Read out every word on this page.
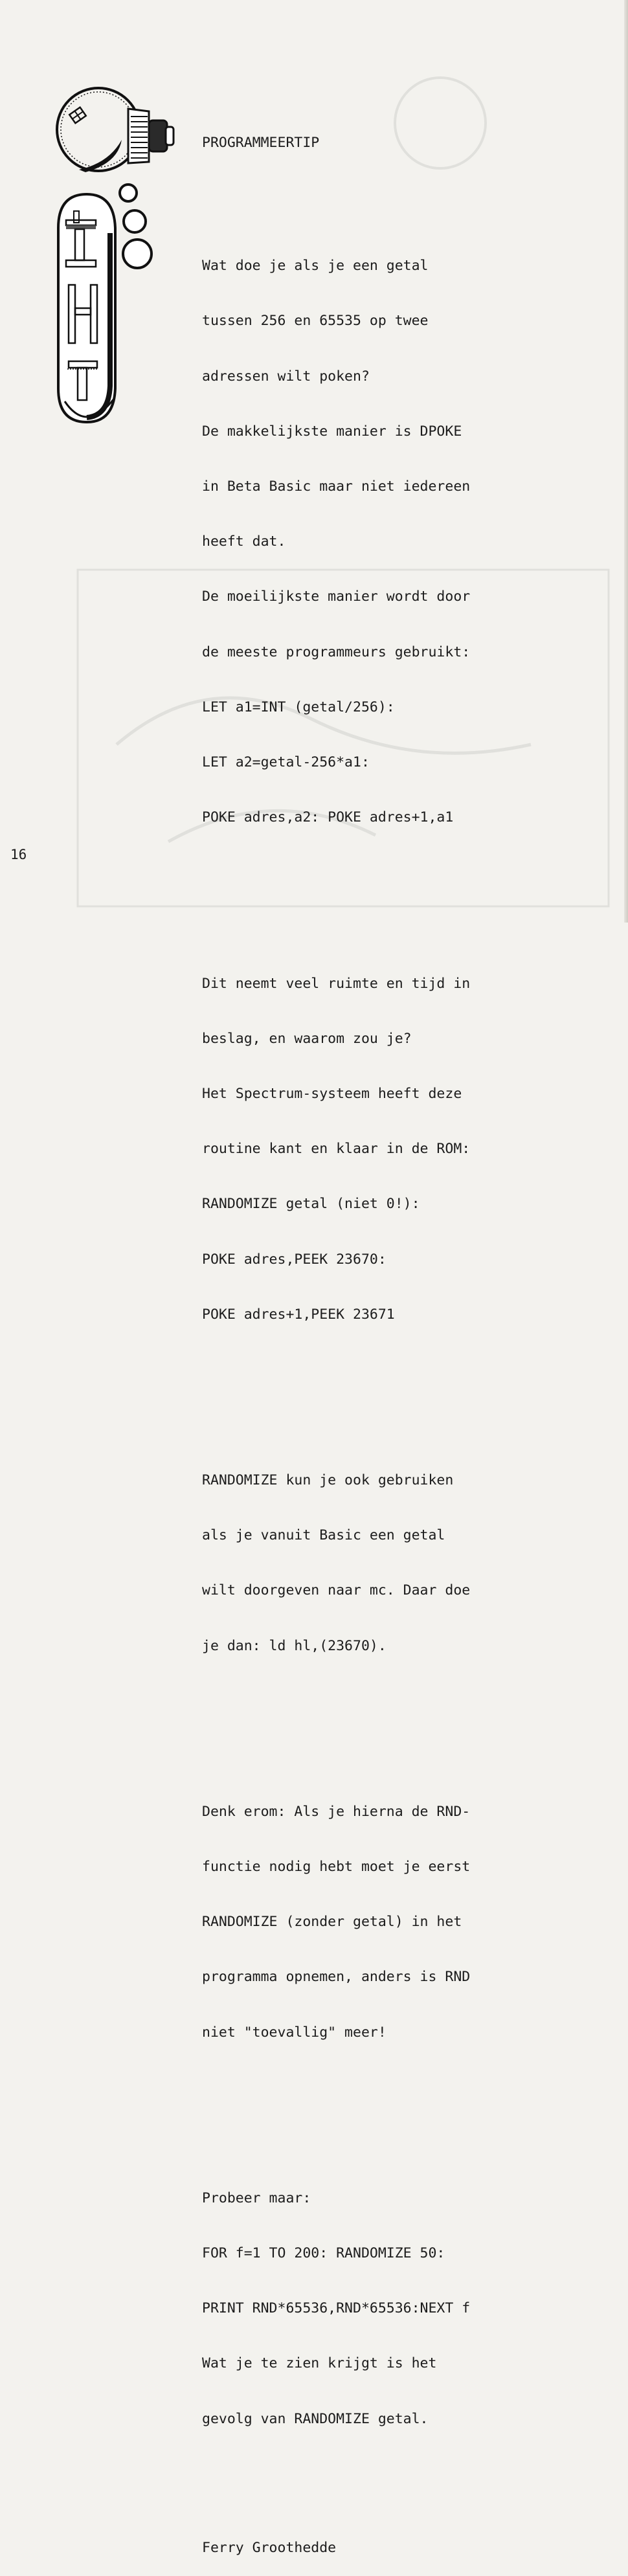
PROGRAMMEERTIP

Wat doe je als je een getal

tussen 256 en 65535 op twee

adressen wilt poken?

De makkelijkste manier is DPOKE

in Beta Basic maar niet iedereen

heeft dat.

De moeilijkste manier wordt door

de meeste programmeurs gebruikt:

LET a1=INT (getal/256):

LET a2=getal-256*a1:

POKE adres,a2: POKE adres+1,a1

Dit neemt veel ruimte en tijd in

beslag, en waarom zou je?

Het Spectrum-systeem heeft deze

routine kant en klaar in de ROM:

RANDOMIZE getal (niet 0!):

POKE adres,PEEK 23670:

POKE adres+1,PEEK 23671

RANDOMIZE kun je ook gebruiken

als je vanuit Basic een getal

wilt doorgeven naar mc. Daar doe

je dan: ld hl,(23670).

Denk erom: Als je hierna de RND-

functie nodig hebt moet je eerst

RANDOMIZE (zonder getal) in het

programma opnemen, anders is RND

niet "toevallig" meer!

Probeer maar:

FOR f=1 TO 200: RANDOMIZE 50:

PRINT RND*65536,RND*65536:NEXT f

Wat je te zien krijgt is het

gevolg van RANDOMIZE getal.

Ferry Groothedde

16
